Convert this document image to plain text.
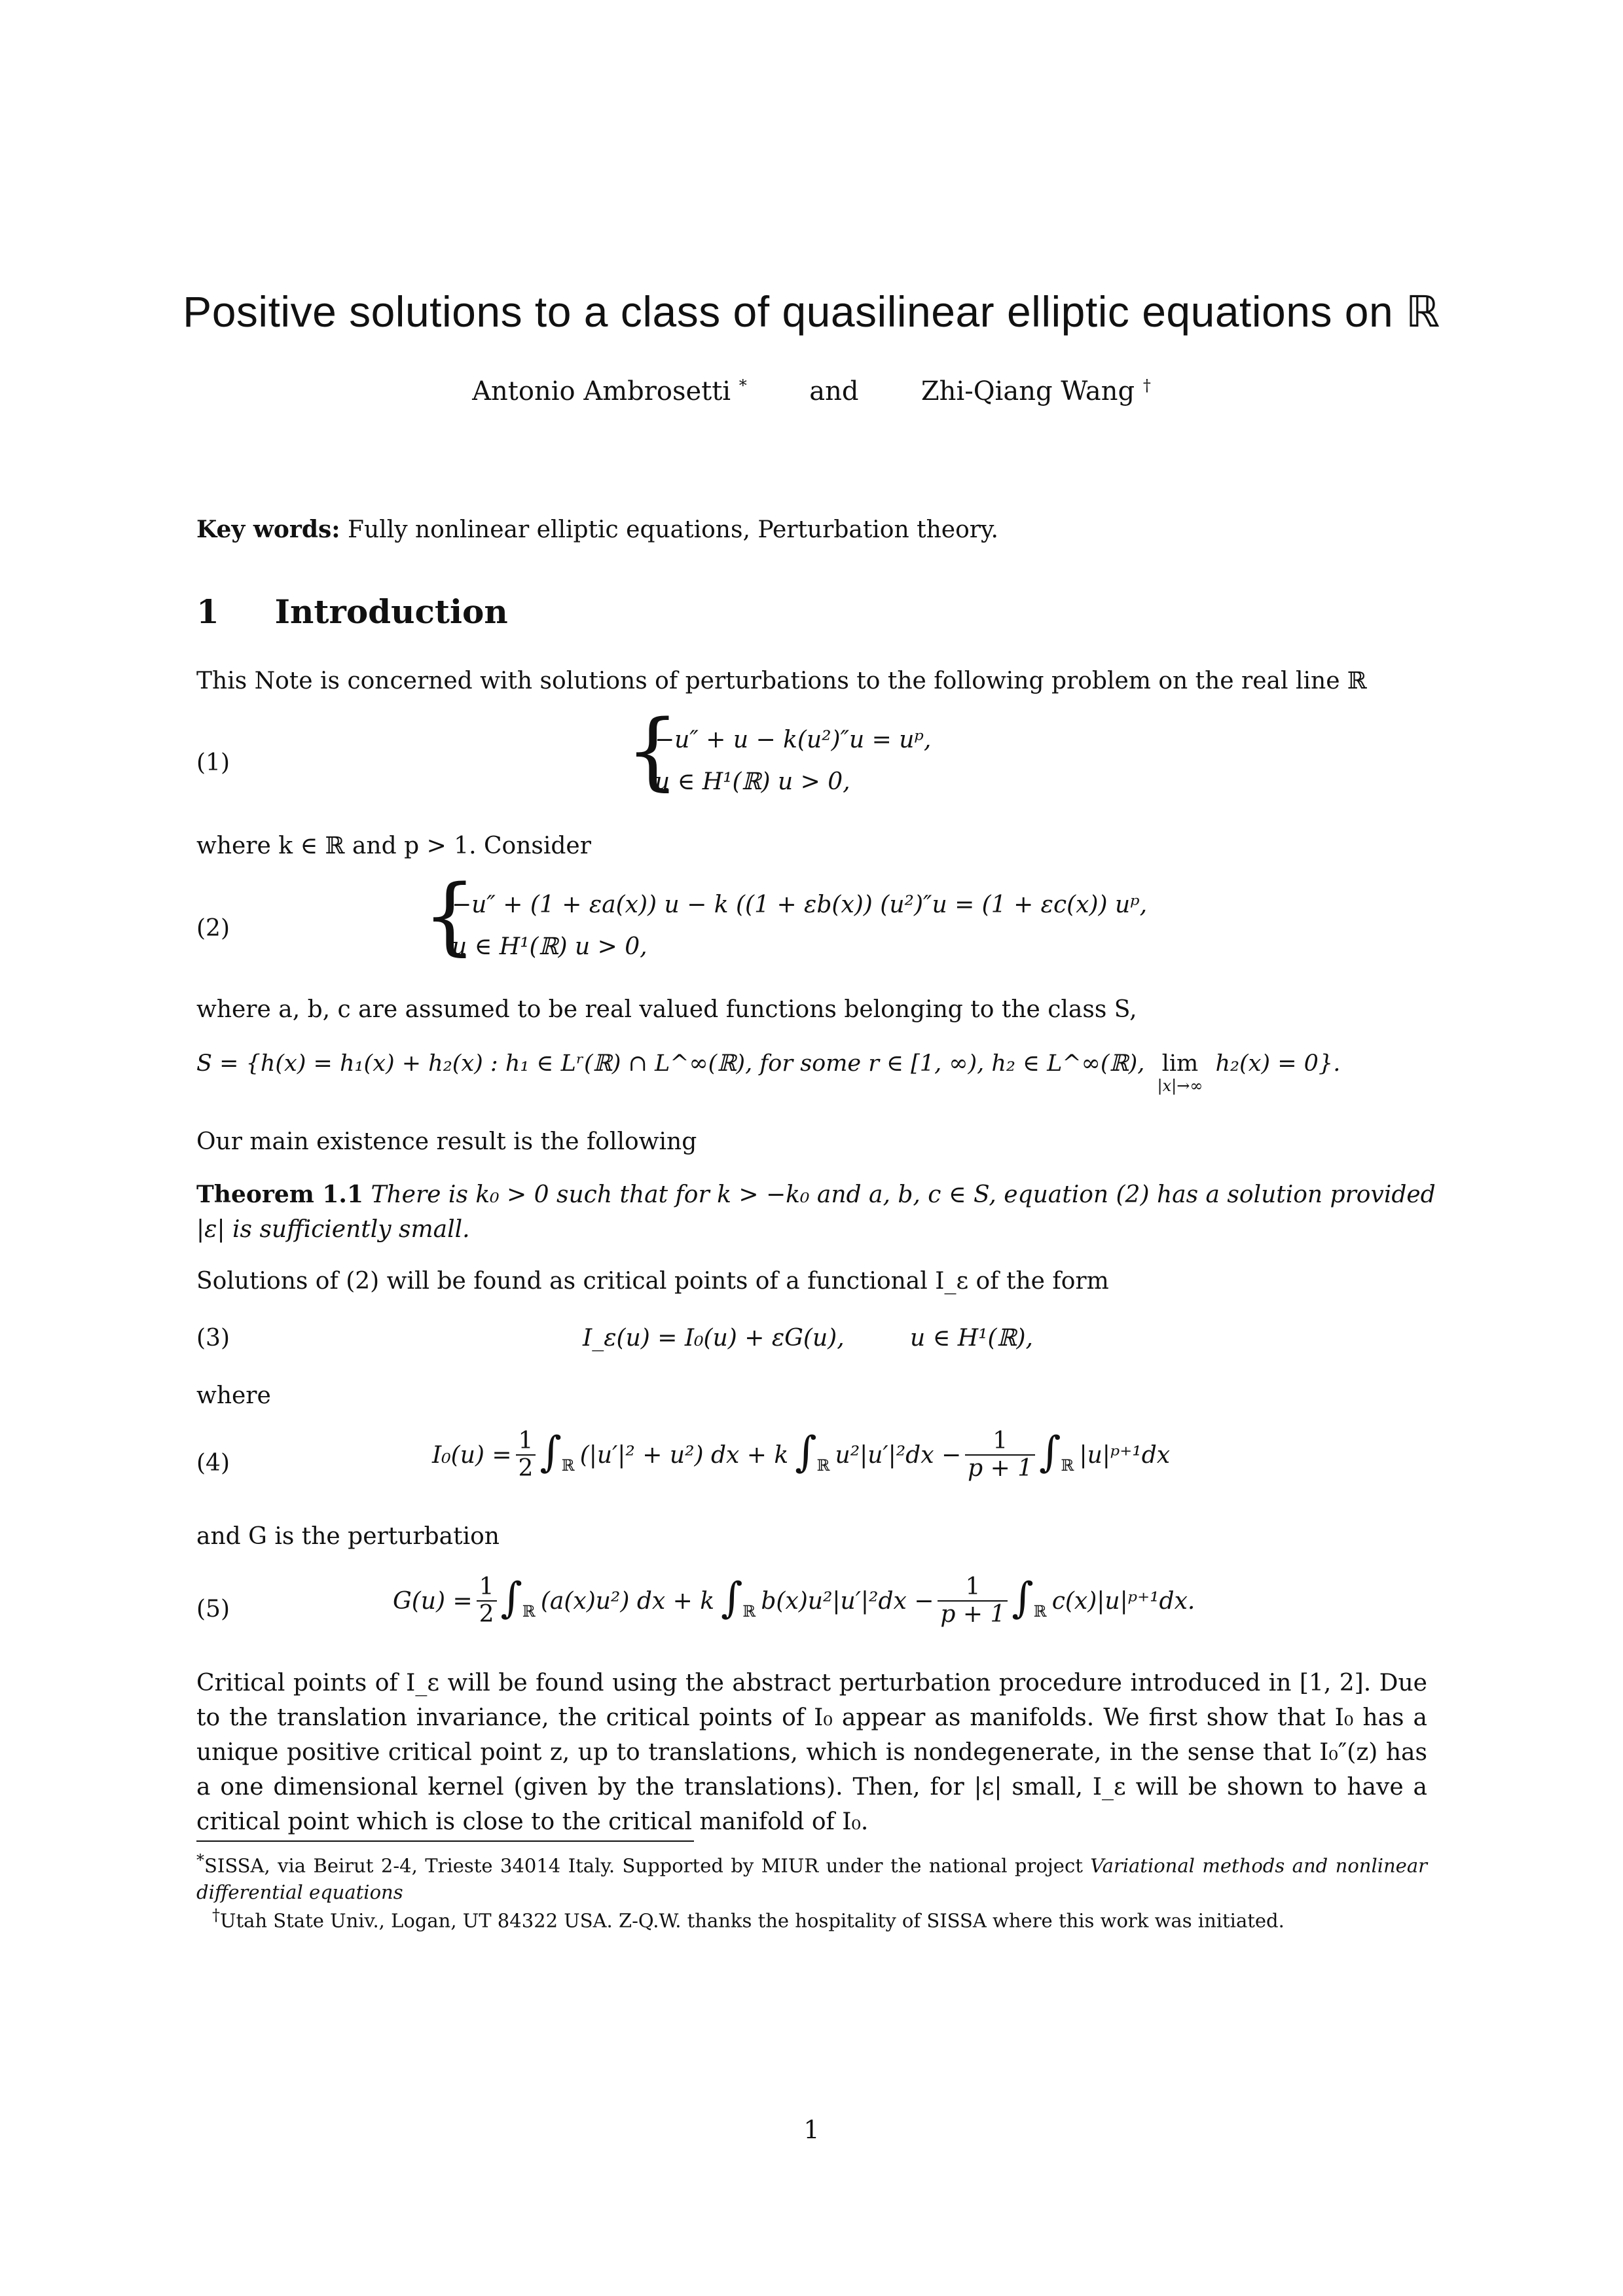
Positive solutions to a class of quasilinear elliptic equations on ℝ
Antonio Ambrosetti * and Zhi-Qiang Wang †
Key words: Fully nonlinear elliptic equations, Perturbation theory.
1 Introduction
This Note is concerned with solutions of perturbations to the following problem on the real line ℝ
(1)	{
−u″ + u − k(u²)″u = uᵖ,
u ∈ H¹(ℝ) u > 0,
where k ∈ ℝ and p > 1. Consider
(2) {
−u″ + (1 + εa(x)) u − k ((1 + εb(x)) (u²)″u = (1 + εc(x)) uᵖ,
u ∈ H¹(ℝ) u > 0,
where a, b, c are assumed to be real valued functions belonging to the class S,
S = {h(x) = h₁(x) + h₂(x) : h₁ ∈ Lʳ(ℝ) ∩ L^∞(ℝ), for some r ∈ [1, ∞), h₂ ∈ L^∞(ℝ), lim
|x|→∞
h₂(x) = 0}.
Our main existence result is the following
Theorem 1.1 There is k₀ > 0 such that for k > −k₀ and a, b, c ∈ S, equation (2) has a solution provided
|ε| is sufficiently small.
Solutions of (2) will be found as critical points of a functional I_ε of the form
(3)	I_ε(u) = I₀(u) + εG(u),	u ∈ H¹(ℝ),
where
(4)	$I_0(u) = \frac{1}{2}$ ∫ ℝ (|u′|² + u²) dx + k ∫ ℝ $u^2|u'|^2dx - \frac{1}{p + 1}$ ∫ ℝ |u|ᵖ⁺¹dx
and G is the perturbation
(5)	$G(u) = \frac{1}{2}$ ∫ ℝ (a(x)u²) dx + k ∫ ℝ $b(x)u^2|u'|^2dx - \frac{1}{p + 1}$ ∫ ℝ c(x)|u|ᵖ⁺¹dx.
Critical points of I_ε will be found using the abstract perturbation procedure introduced in [1, 2]. Due to the translation invariance, the critical points of I₀ appear as manifolds. We first show that I₀ has a unique positive critical point z, up to translations, which is nondegenerate, in the sense that I₀″(z) has a one dimensional kernel (given by the translations). Then, for |ε| small, I_ε will be shown to have a critical point which is close to the critical manifold of I₀.
*SISSA, via Beirut 2-4, Trieste 34014 Italy. Supported by MIUR under the national project Variational methods and nonlinear differential equations
†Utah State Univ., Logan, UT 84322 USA. Z-Q.W. thanks the hospitality of SISSA where this work was initiated.
1
